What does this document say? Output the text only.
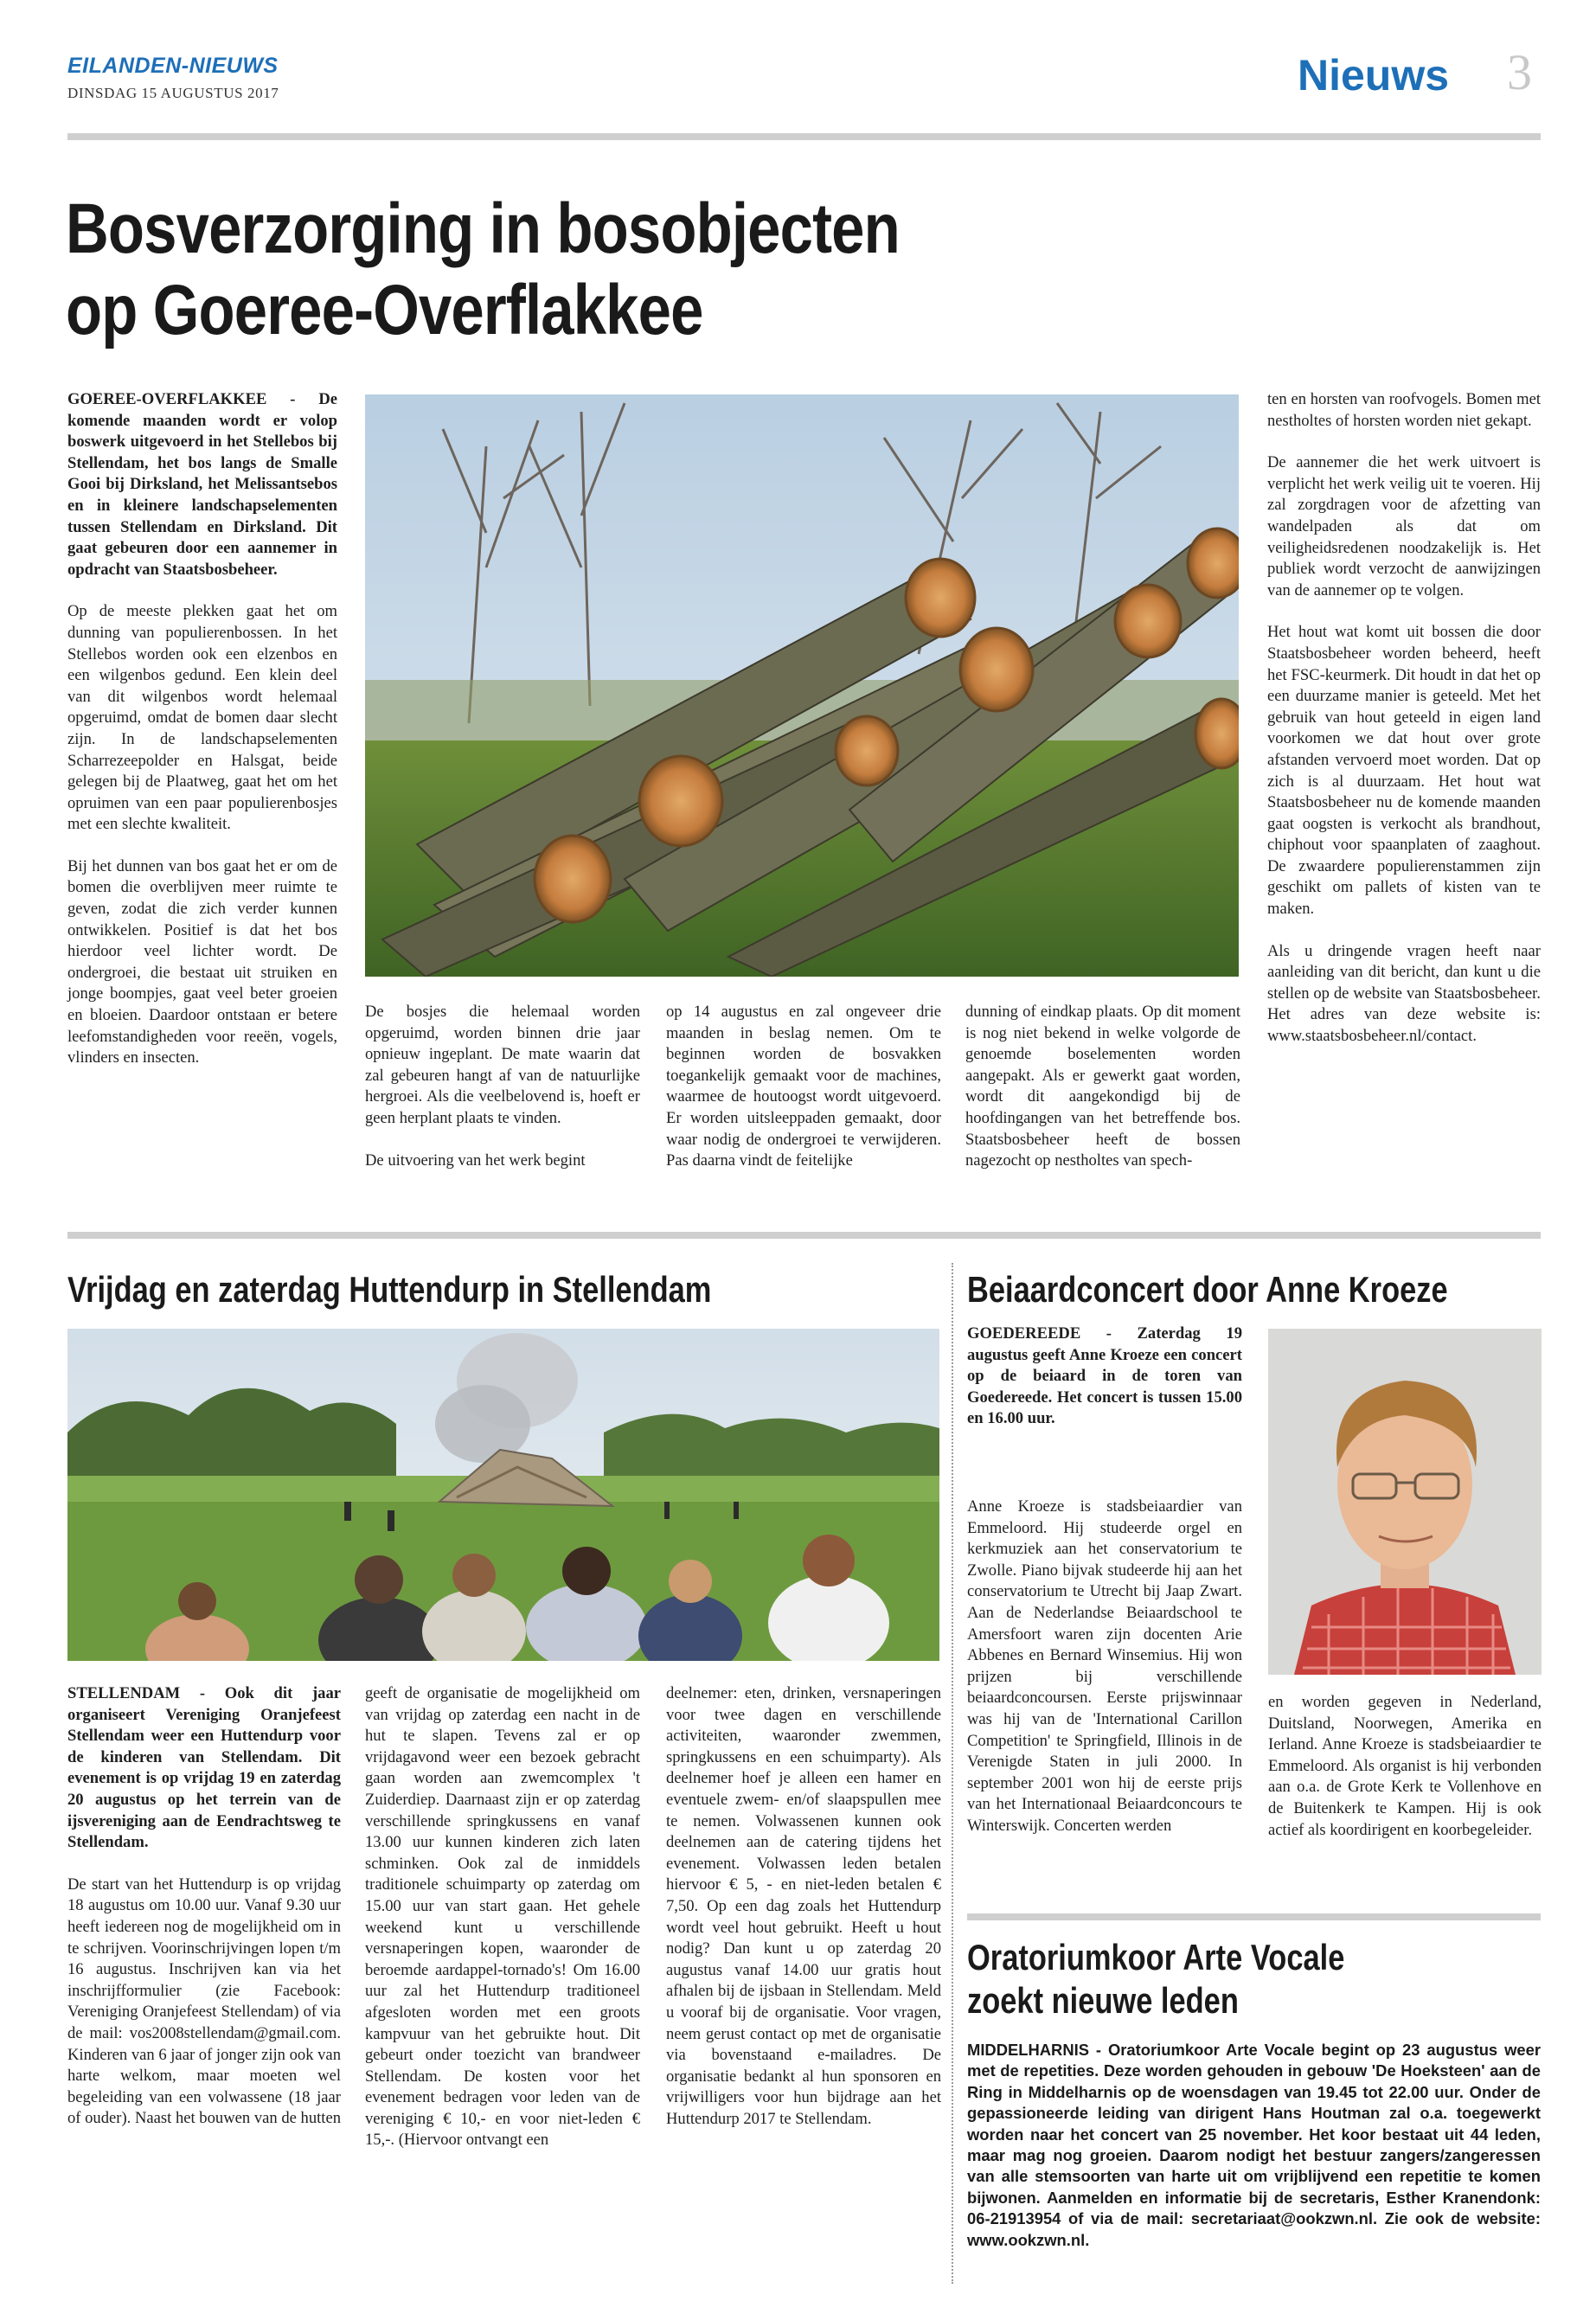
EILANDEN-NIEUWS
DINSDAG 15 AUGUSTUS 2017	Nieuws 3
Bosverzorging in bosobjecten
op Goeree-Overflakkee

GOEREE-OVERFLAKKEE - De komende maanden wordt er volop boswerk uitgevoerd in het Stellebos bij Stellendam, het bos langs de Smalle Gooi bij Dirksland, het Melissantsebos en in kleinere landschapselementen tussen Stellendam en Dirksland. Dit gaat gebeuren door een aannemer in opdracht van Staatsbosbeheer.

Op de meeste plekken gaat het om dunning van populierenbossen. In het Stellebos worden ook een elzenbos en een wilgenbos gedund. Een klein deel van dit wilgenbos wordt helemaal opgeruimd, omdat de bomen daar slecht zijn. In de landschapselementen Scharrezeepolder en Halsgat, beide gelegen bij de Plaatweg, gaat het om het opruimen van een paar populierenbosjes met een slechte kwaliteit.

Bij het dunnen van bos gaat het er om de bomen die overblijven meer ruimte te geven, zodat die zich verder kunnen ontwikkelen. Positief is dat het bos hierdoor veel lichter wordt. De ondergroei, die bestaat uit struiken en jonge boompjes, gaat veel beter groeien en bloeien. Daardoor ontstaan er betere leefomstandigheden voor reeën, vogels, vlinders en insecten.

De bosjes die helemaal worden opgeruimd, worden binnen drie jaar opnieuw ingeplant. De mate waarin dat zal gebeuren hangt af van de natuurlijke hergroei. Als die veelbelovend is, hoeft er geen herplant plaats te vinden.

De uitvoering van het werk begint

op 14 augustus en zal ongeveer drie maanden in beslag nemen. Om te beginnen worden de bosvakken toegankelijk gemaakt voor de machines, waarmee de houtoogst wordt uitgevoerd. Er worden uitsleeppaden gemaakt, door waar nodig de ondergroei te verwijderen. Pas daarna vindt de feitelijke

dunning of eindkap plaats. Op dit moment is nog niet bekend in welke volgorde de genoemde boselementen worden aangepakt. Als er gewerkt gaat worden, wordt dit aangekondigd bij de hoofdingangen van het betreffende bos. Staatsbosbeheer heeft de bossen nagezocht op nestholtes van spech-

ten en horsten van roofvogels. Bomen met nestholtes of horsten worden niet gekapt.

De aannemer die het werk uitvoert is verplicht het werk veilig uit te voeren. Hij zal zorgdragen voor de afzetting van wandelpaden als dat om veiligheidsredenen noodzakelijk is. Het publiek wordt verzocht de aanwijzingen van de aannemer op te volgen.

Het hout wat komt uit bossen die door Staatsbosbeheer worden beheerd, heeft het FSC-keurmerk. Dit houdt in dat het op een duurzame manier is geteeld. Met het gebruik van hout geteeld in eigen land voorkomen we dat hout over grote afstanden vervoerd moet worden. Dat op zich is al duurzaam. Het hout wat Staatsbosbeheer nu de komende maanden gaat oogsten is verkocht als brandhout, chiphout voor spaanplaten of zaaghout. De zwaardere populierenstammen zijn geschikt om pallets of kisten van te maken.

Als u dringende vragen heeft naar aanleiding van dit bericht, dan kunt u die stellen op de website van Staatsbosbeheer. Het adres van deze website is: www.staatsbosbeheer.nl/contact.

Vrijdag en zaterdag Huttendurp in Stellendam

STELLENDAM - Ook dit jaar organiseert Vereniging Oranjefeest Stellendam weer een Huttendurp voor de kinderen van Stellendam. Dit evenement is op vrijdag 19 en zaterdag 20 augustus op het terrein van de ijsvereniging aan de Eendrachtsweg te Stellendam.

De start van het Huttendurp is op vrijdag 18 augustus om 10.00 uur. Vanaf 9.30 uur heeft iedereen nog de mogelijkheid om in te schrijven. Voorinschrijvingen lopen t/m 16 augustus. Inschrijven kan via het inschrijfformulier (zie Facebook: Vereniging Oranjefeest Stellendam) of via de mail: vos2008stellendam@gmail.com. Kinderen van 6 jaar of jonger zijn ook van harte welkom, maar moeten wel begeleiding van een volwassene (18 jaar of ouder). Naast het bouwen van de hutten

geeft de organisatie de mogelijkheid om van vrijdag op zaterdag een nacht in de hut te slapen. Tevens zal er op vrijdagavond weer een bezoek gebracht gaan worden aan zwemcomplex 't Zuiderdiep. Daarnaast zijn er op zaterdag verschillende springkussens en vanaf 13.00 uur kunnen kinderen zich laten schminken. Ook zal de inmiddels traditionele schuimparty op zaterdag om 15.00 uur van start gaan. Het gehele weekend kunt u verschillende versnaperingen kopen, waaronder de beroemde aardappel-tornado's! Om 16.00 uur zal het Huttendurp traditioneel afgesloten worden met een groots kampvuur van het gebruikte hout. Dit gebeurt onder toezicht van brandweer Stellendam. De kosten voor het evenement bedragen voor leden van de vereniging € 10,- en voor niet-leden € 15,-. (Hiervoor ontvangt een

deelnemer: eten, drinken, versnaperingen voor twee dagen en verschillende activiteiten, waaronder zwemmen, springkussens en een schuimparty). Als deelnemer hoef je alleen een hamer en eventuele zwem- en/of slaapspullen mee te nemen. Volwassenen kunnen ook deelnemen aan de catering tijdens het evenement. Volwassen leden betalen hiervoor € 5, - en niet-leden betalen € 7,50. Op een dag zoals het Huttendurp wordt veel hout gebruikt. Heeft u hout nodig? Dan kunt u op zaterdag 20 augustus vanaf 14.00 uur gratis hout afhalen bij de ijsbaan in Stellendam. Meld u vooraf bij de organisatie. Voor vragen, neem gerust contact op met de organisatie via bovenstaand e-mailadres. De organisatie bedankt al hun sponsoren en vrijwilligers voor hun bijdrage aan het Huttendurp 2017 te Stellendam.

Beiaardconcert door Anne Kroeze

GOEDEREEDE - Zaterdag 19 augustus geeft Anne Kroeze een concert op de beiaard in de toren van Goedereede. Het concert is tussen 15.00 en 16.00 uur.

Anne Kroeze is stadsbeiaardier van Emmeloord. Hij studeerde orgel en kerkmuziek aan het conservatorium te Zwolle. Piano bijvak studeerde hij aan het conservatorium te Utrecht bij Jaap Zwart. Aan de Nederlandse Beiaardschool te Amersfoort waren zijn docenten Arie Abbenes en Bernard Winsemius. Hij won prijzen bij verschillende beiaardconcoursen. Eerste prijswinnaar was hij van de 'International Carillon Competition' te Springfield, Illinois in de Verenigde Staten in juli 2000. In september 2001 won hij de eerste prijs van het Internationaal Beiaardconcours te Winterswijk. Concerten werden

en worden gegeven in Nederland, Duitsland, Noorwegen, Amerika en Ierland. Anne Kroeze is stadsbeiaardier te Emmeloord. Als organist is hij verbonden aan o.a. de Grote Kerk te Vollenhove en de Buitenkerk te Kampen. Hij is ook actief als koordirigent en koorbegeleider.

Oratoriumkoor Arte Vocale
zoekt nieuwe leden
MIDDELHARNIS - Oratoriumkoor Arte Vocale begint op 23 augustus weer met de repetities. Deze worden gehouden in gebouw 'De Hoeksteen' aan de Ring in Middelharnis op de woensdagen van 19.45 tot 22.00 uur. Onder de gepassioneerde leiding van dirigent Hans Houtman zal o.a. toegewerkt worden naar het concert van 25 november. Het koor bestaat uit 44 leden, maar mag nog groeien. Daarom nodigt het bestuur zangers/zangeressen van alle stemsoorten van harte uit om vrijblijvend een repetitie te komen bijwonen. Aanmelden en informatie bij de secretaris, Esther Kranendonk: 06-21913954 of via de mail: secretariaat@ookzwn.nl. Zie ook de website: www.ookzwn.nl.
